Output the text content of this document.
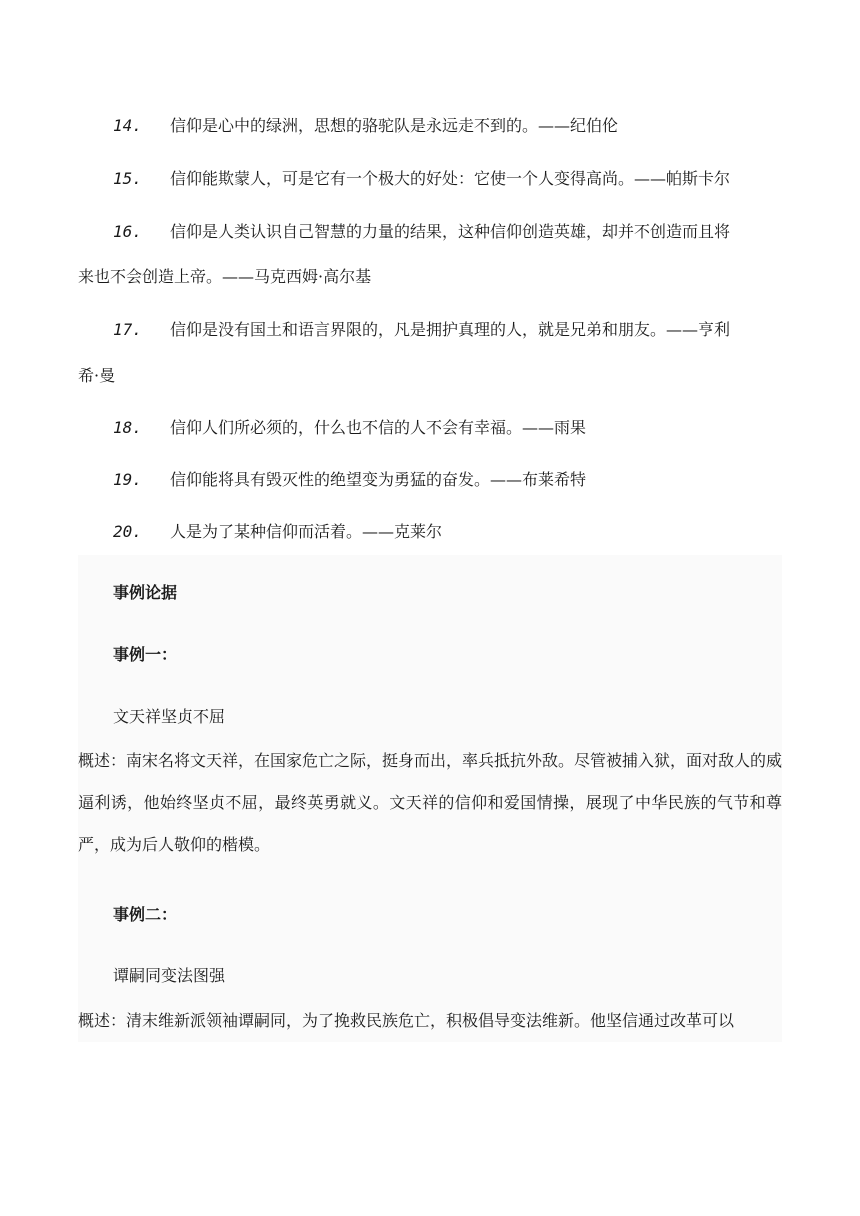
14. 信仰是心中的绿洲，思想的骆驼队是永远走不到的。——纪伯伦

15. 信仰能欺蒙人，可是它有一个极大的好处：它使一个人变得高尚。——帕斯卡尔

16. 信仰是人类认识自己智慧的力量的结果，这种信仰创造英雄，却并不创造而且将

来也不会创造上帝。——马克西姆·高尔基

17. 信仰是没有国土和语言界限的，凡是拥护真理的人，就是兄弟和朋友。——亨利

希·曼

18. 信仰人们所必须的，什么也不信的人不会有幸福。——雨果

19. 信仰能将具有毁灭性的绝望变为勇猛的奋发。——布莱希特

20. 人是为了某种信仰而活着。——克莱尔

事例论据

事例一：

文天祥坚贞不屈

概述：南宋名将文天祥，在国家危亡之际，挺身而出，率兵抵抗外敌。尽管被捕入狱，面对敌人的威逼利诱，他始终坚贞不屈，最终英勇就义。文天祥的信仰和爱国情操，展现了中华民族的气节和尊严，成为后人敬仰的楷模。

事例二：

谭嗣同变法图强

概述：清末维新派领袖谭嗣同，为了挽救民族危亡，积极倡导变法维新。他坚信通过改革可以
